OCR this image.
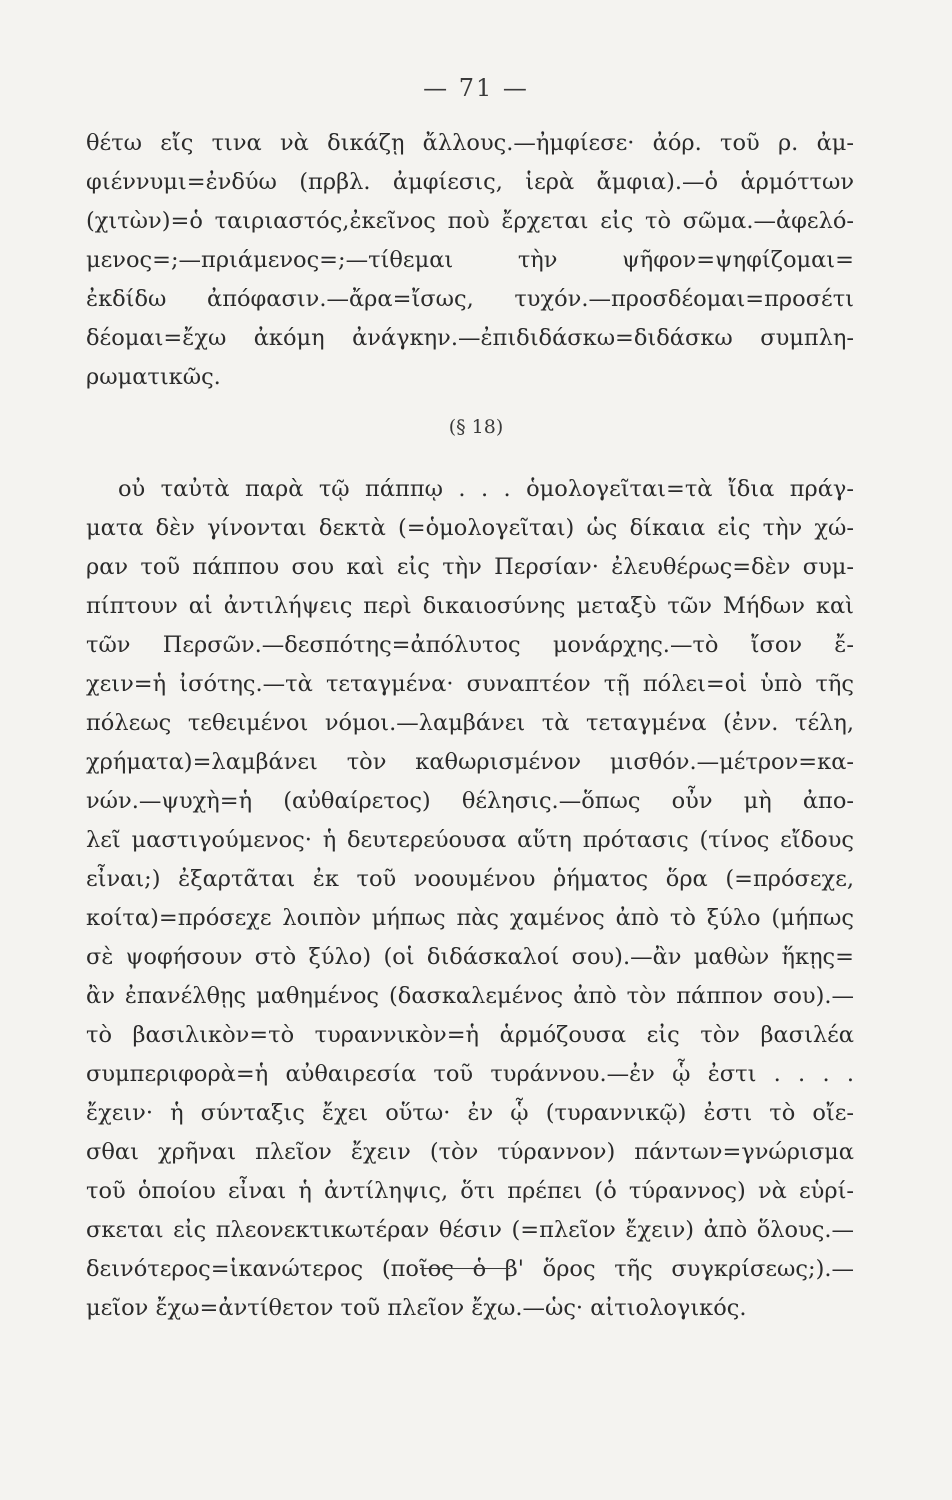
— 71 —
θέτω εἴς τινα νὰ δικάζῃ ἄλλους.—ἠμφίεσε· ἀόρ. τοῦ ρ. ἀμ-
φιέννυμι=ἐνδύω (πρβλ. ἀμφίεσις, ἱερὰ ἄμφια).—ὁ ἁρμόττων
(χιτὼν)=ὁ ταιριαστός,ἐκεῖνος ποὺ ἔρχεται εἰς τὸ σῶμα.—ἀφελό-
μενος=;—πριάμενος=;—τίθεμαι τὴν ψῆφον=ψηφίζομαι=
ἐκδίδω ἀπόφασιν.—ἄρα=ἴσως, τυχόν.—προσδέομαι=προσέτι
δέομαι=ἔχω ἀκόμη ἀνάγκην.—ἐπιδιδάσκω=διδάσκω συμπλη-
ρωματικῶς.
(§ 18)
οὐ ταὐτὰ παρὰ τῷ πάππῳ . . . ὁμολογεῖται=τὰ ἴδια πράγ-
ματα δὲν γίνονται δεκτὰ (=ὁμολογεῖται) ὡς δίκαια εἰς τὴν χώ-
ραν τοῦ πάππου σου καὶ εἰς τὴν Περσίαν· ἐλευθέρως=δὲν συμ-
πίπτουν αἱ ἀντιλήψεις περὶ δικαιοσύνης μεταξὺ τῶν Μήδων καὶ
τῶν Περσῶν.—δεσπότης=ἀπόλυτος μονάρχης.—τὸ ἴσον ἔ-
χειν=ἡ ἰσότης.—τὰ τεταγμένα· συναπτέον τῇ πόλει=οἱ ὑπὸ τῆς
πόλεως τεθειμένοι νόμοι.—λαμβάνει τὰ τεταγμένα (ἐνν. τέλη,
χρήματα)=λαμβάνει τὸν καθωρισμένον μισθόν.—μέτρον=κα-
νών.—ψυχὴ=ἡ (αὐθαίρετος) θέλησις.—ὅπως οὖν μὴ ἀπο-
λεῖ μαστιγούμενος· ἡ δευτερεύουσα αὕτη πρότασις (τίνος εἴδους
εἶναι;) ἐξαρτᾶται ἐκ τοῦ νοουμένου ῥήματος ὅρα (=πρόσεχε,
κοίτα)=πρόσεχε λοιπὸν μήπως πὰς χαμένος ἀπὸ τὸ ξύλο (μήπως
σὲ ψοφήσουν στὸ ξύλο) (οἱ διδάσκαλοί σου).—ἂν μαθὼν ἥκῃς=
ἂν ἐπανέλθῃς μαθημένος (δασκαλεμένος ἀπὸ τὸν πάππον σου).—
τὸ βασιλικὸν=τὸ τυραννικὸν=ἡ ἁρμόζουσα εἰς τὸν βασιλέα
συμπεριφορὰ=ἡ αὐθαιρεσία τοῦ τυράννου.—ἐν ᾧ ἐστι . . . .
ἔχειν· ἡ σύνταξις ἔχει οὕτω· ἐν ᾧ (τυραννικῷ) ἐστι τὸ οἴε-
σθαι χρῆναι πλεῖον ἔχειν (τὸν τύραννον) πάντων=γνώρισμα
τοῦ ὁποίου εἶναι ἡ ἀντίληψις, ὅτι πρέπει (ὁ τύραννος) νὰ εὑρί-
σκεται εἰς πλεονεκτικωτέραν θέσιν (=πλεῖον ἔχειν) ἀπὸ ὅλους.—
δεινότερος=ἱκανώτερος (ποῖος ὁ β' ὅρος τῆς συγκρίσεως;).—
μεῖον ἔχω=ἀντίθετον τοῦ πλεῖον ἔχω.—ὡς· αἰτιολογικός.
